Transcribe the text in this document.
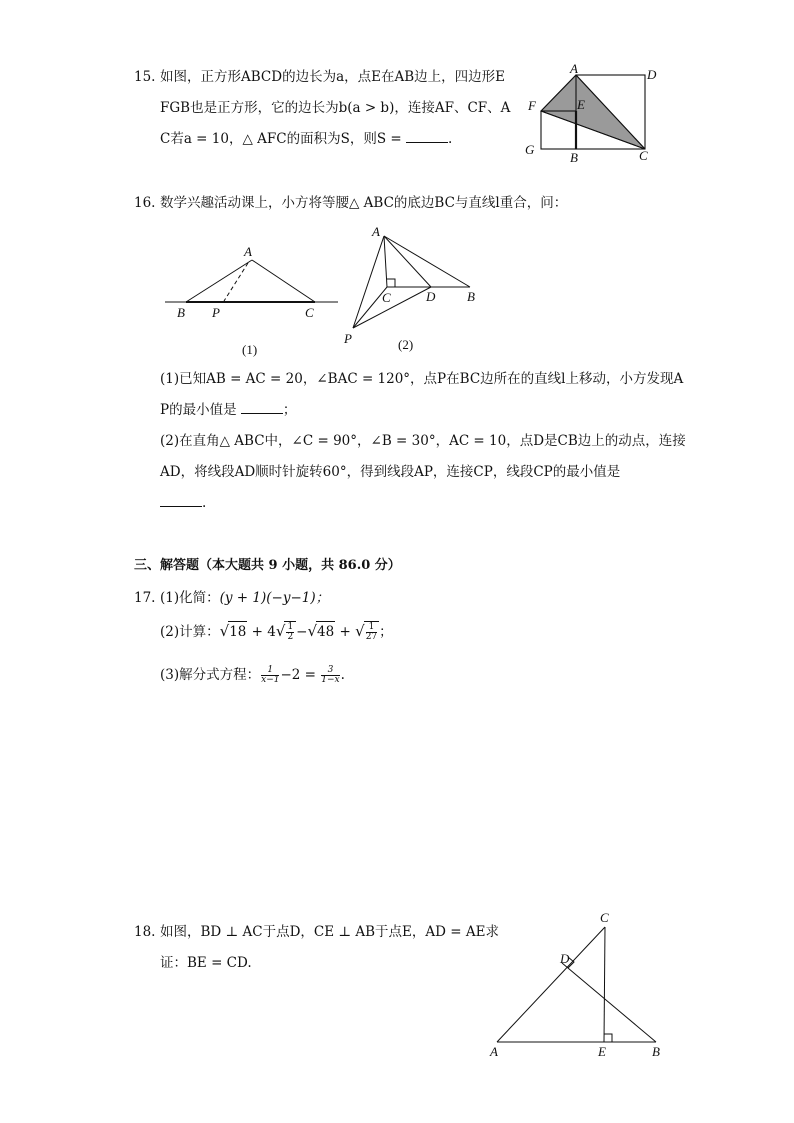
15. 如图，正方形ABCD的边长为a，点E在AB边上，四边形E
FGB也是正方形，它的边长为b(a > b)，连接AF、CF、A
C若a = 10，△ AFC的面积为S，则S =	.
A	D
F	E
G
B	C
16. 数学兴趣活动课上，小方将等腰△ ABC的底边BC与直线l重合，问：
A
B P	C
(1)
A
C	D B
P	(2)
(1)已知AB = AC = 20，∠BAC = 120°，点P在BC边所在的直线l上移动，小方发现A
P的最小值是	；
(2)在直角△ ABC中，∠C = 90°，∠B = 30°，AC = 10，点D是CB边上的动点，连接
AD，将线段AD顺时针旋转60°，得到线段AP，连接CP，线段CP的最小值是
.
三、解答题（本大题共 9 小题，共 86.0 分）
17. (1)化简：(y + 1)(−y−1)；
(2)计算：$√18 + 4√ \frac{1}{2} -√48$ + √ $\frac{1}{27}$ ；
(3)解分式方程： $\frac{1}{x-1} -2 = \frac{3}{1-x}$ .
18. 如图，BD ⊥ AC于点D，CE ⊥ AB于点E，AD = AE求
证：BE = CD.
C
D
A	E	B
